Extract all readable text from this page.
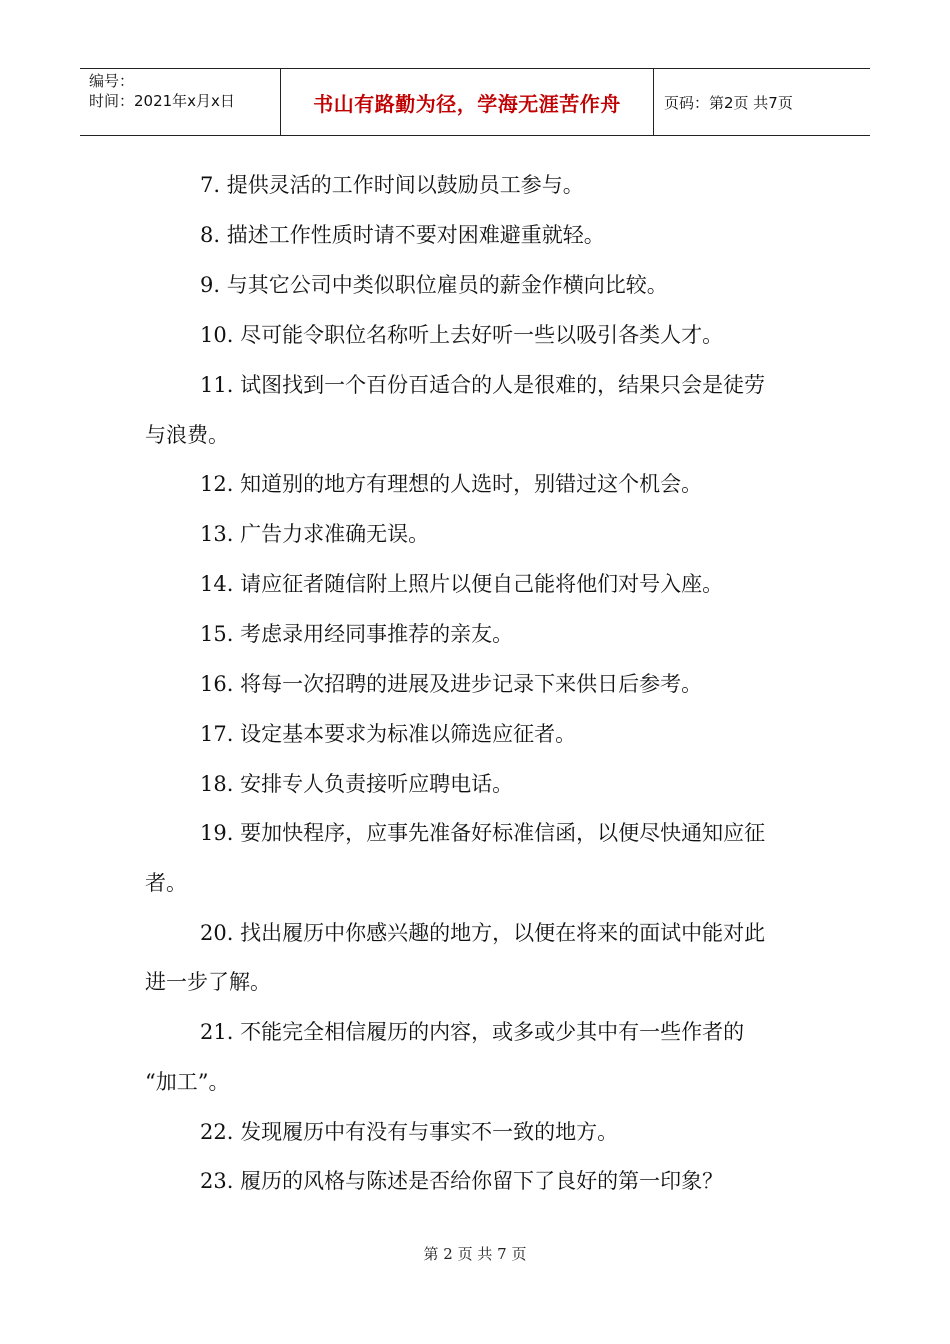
编号：
时间：2021年x月x日	书山有路勤为径，学海无涯苦作舟	页码：第2页 共7页
7. 提供灵活的工作时间以鼓励员工参与。
8. 描述工作性质时请不要对困难避重就轻。
9. 与其它公司中类似职位雇员的薪金作横向比较。
10. 尽可能令职位名称听上去好听一些以吸引各类人才。
11. 试图找到一个百份百适合的人是很难的，结果只会是徒劳
与浪费。
12. 知道别的地方有理想的人选时，别错过这个机会。
13. 广告力求准确无误。
14. 请应征者随信附上照片以便自己能将他们对号入座。
15. 考虑录用经同事推荐的亲友。
16. 将每一次招聘的进展及进步记录下来供日后参考。
17. 设定基本要求为标准以筛选应征者。
18. 安排专人负责接听应聘电话。
19. 要加快程序，应事先准备好标准信函，以便尽快通知应征
者。
20. 找出履历中你感兴趣的地方，以便在将来的面试中能对此
进一步了解。
21. 不能完全相信履历的内容，或多或少其中有一些作者的
“加工”。
22. 发现履历中有没有与事实不一致的地方。
23. 履历的风格与陈述是否给你留下了良好的第一印象？
第 2 页 共 7 页
